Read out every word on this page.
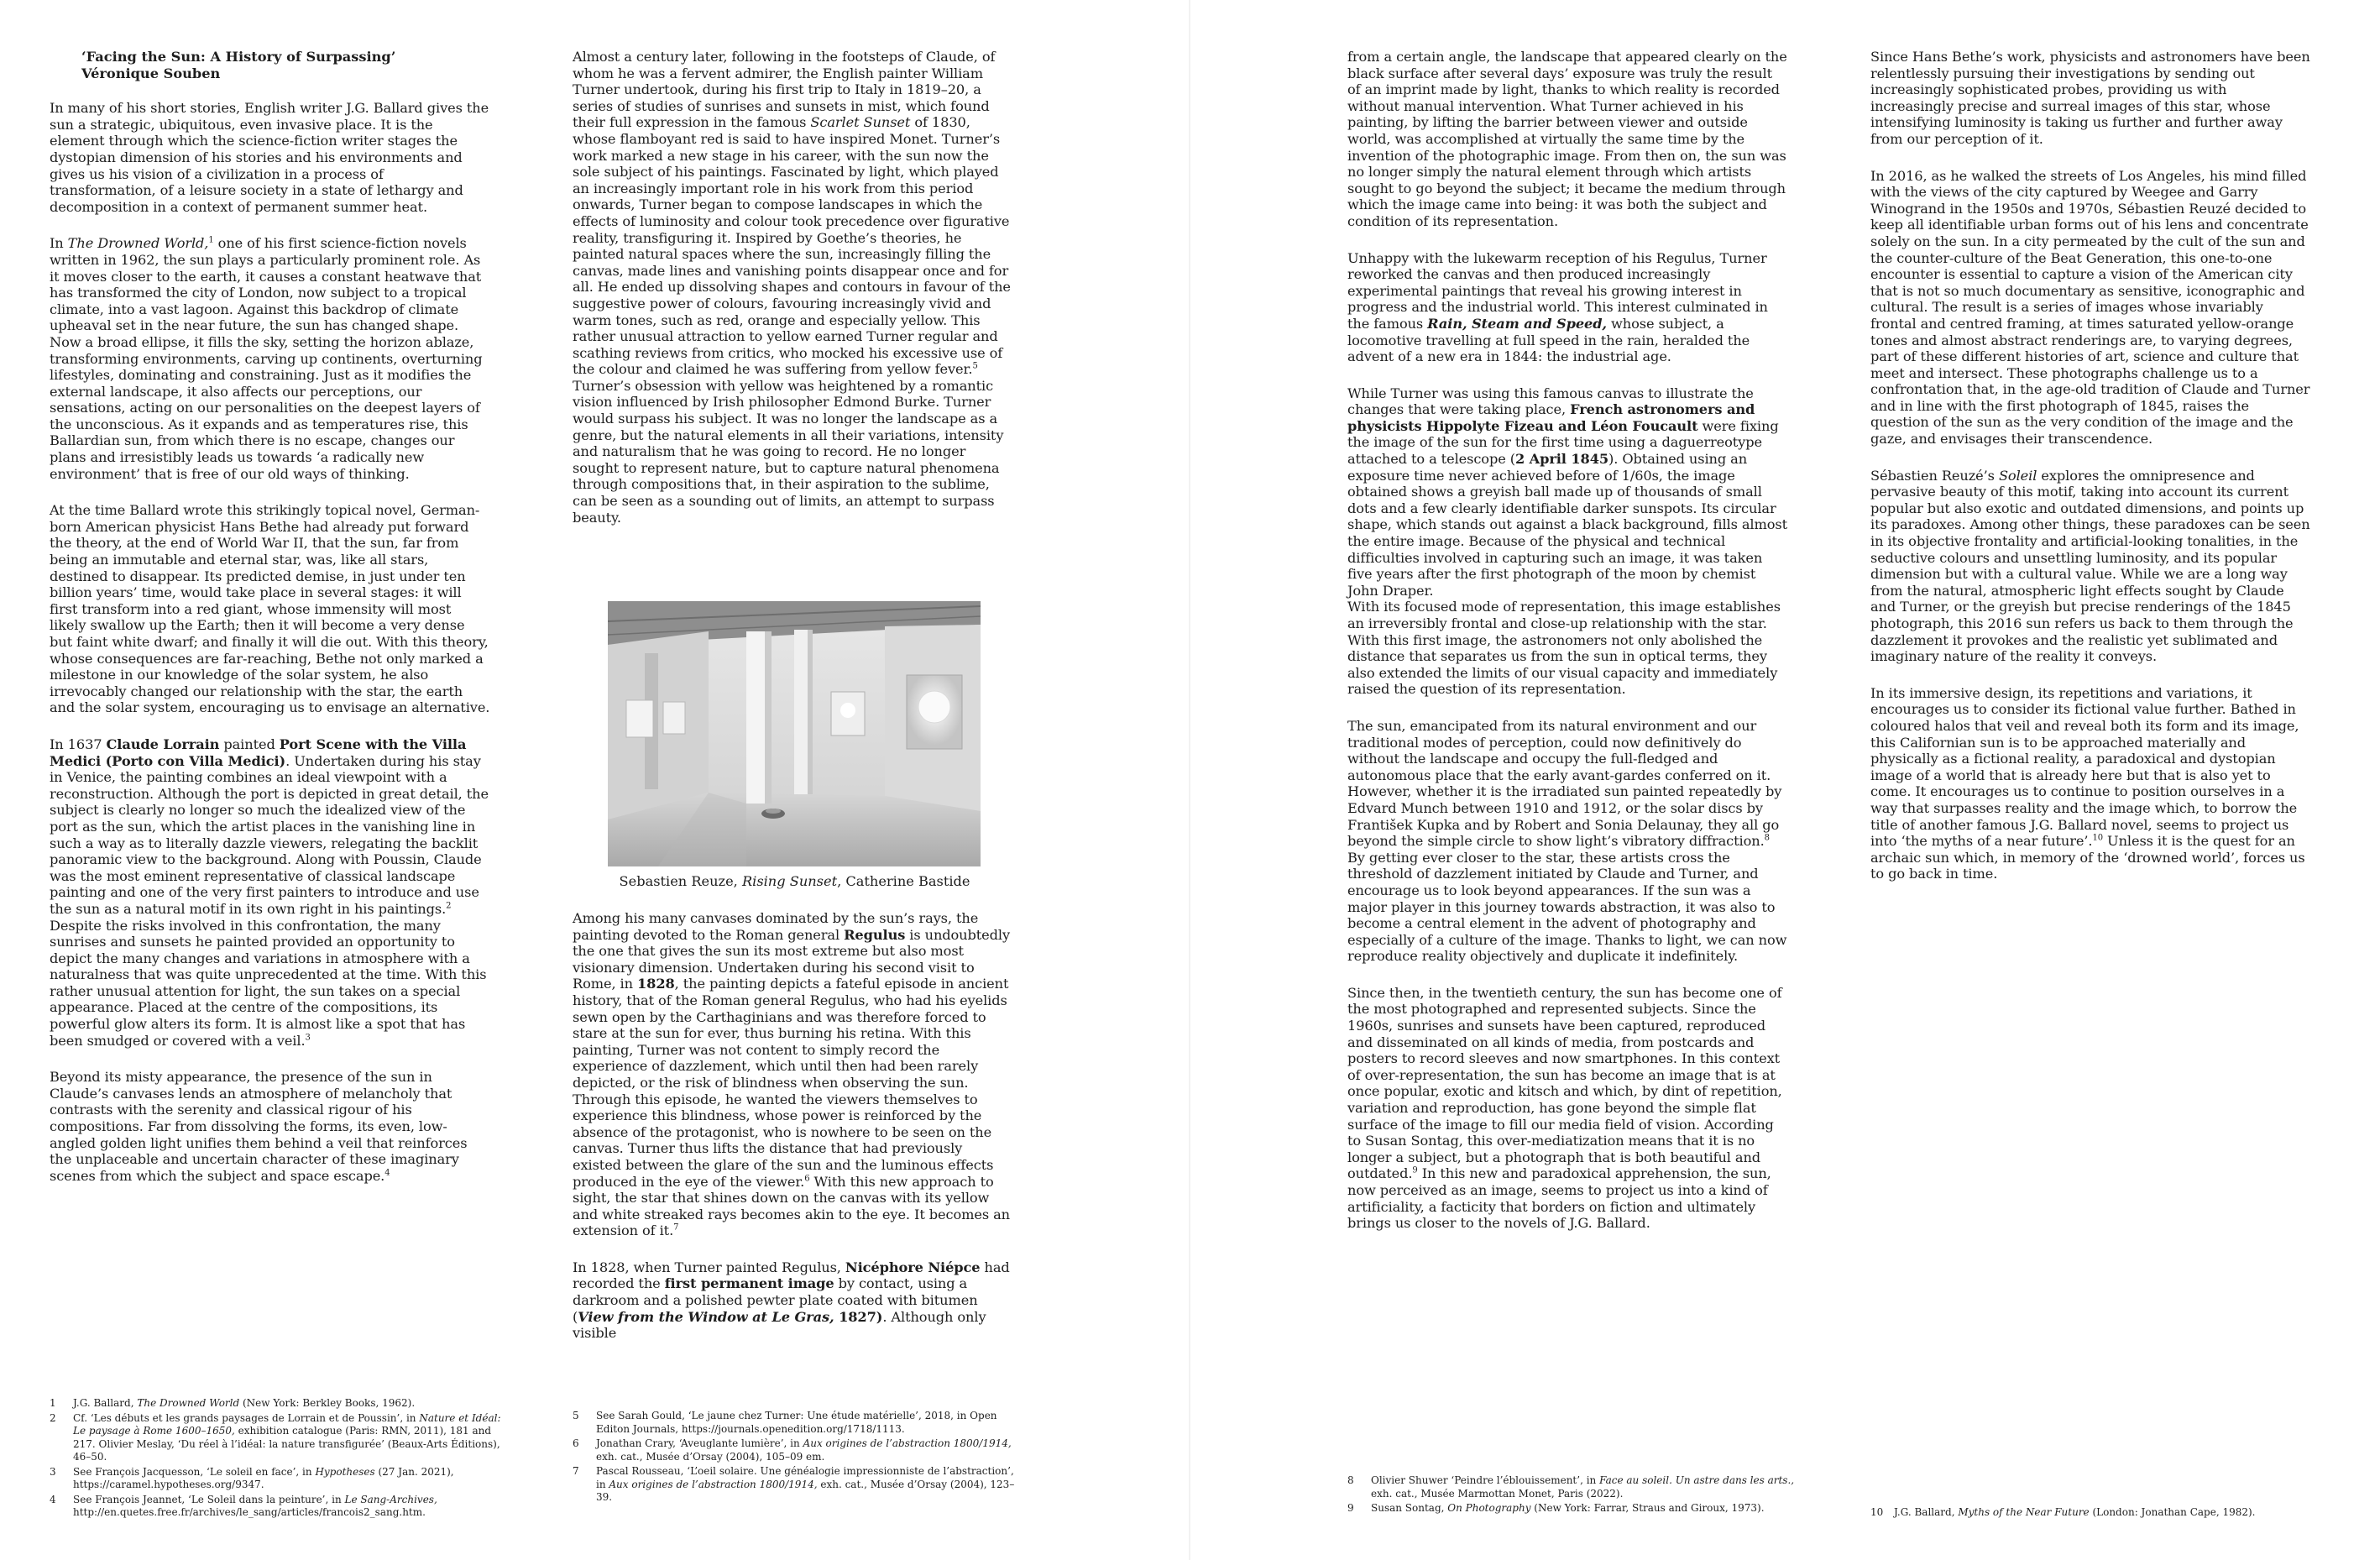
‘Facing the Sun: A History of Surpassing’
Véronique Souben

In many of his short stories, English writer J.G. Ballard gives the sun a strategic, ubiquitous, even invasive place. It is the element through which the science-fiction writer stages the dystopian dimension of his stories and his environments and gives us his vision of a civilization in a process of transformation, of a leisure society in a state of lethargy and decomposition in a context of permanent summer heat.

In The Drowned World,$^1$ one of his first science-fiction novels written in 1962, the sun plays a particularly prominent role. As it moves closer to the earth, it causes a constant heatwave that has transformed the city of London, now subject to a tropical climate, into a vast lagoon. Against this backdrop of climate upheaval set in the near future, the sun has changed shape. Now a broad ellipse, it fills the sky, setting the horizon ablaze, transforming environments, carving up continents, overturning lifestyles, dominating and constraining. Just as it modifies the external landscape, it also affects our perceptions, our sensations, acting on our personalities on the deepest layers of the unconscious. As it expands and as temperatures rise, this Ballardian sun, from which there is no escape, changes our plans and irresistibly leads us towards ‘a radically new environment’ that is free of our old ways of thinking.

At the time Ballard wrote this strikingly topical novel, German-born American physicist Hans Bethe had already put forward the theory, at the end of World War II, that the sun, far from being an immutable and eternal star, was, like all stars, destined to disappear. Its predicted demise, in just under ten billion years’ time, would take place in several stages: it will first transform into a red giant, whose immensity will most likely swallow up the Earth; then it will become a very dense but faint white dwarf; and finally it will die out. With this theory, whose consequences are far-reaching, Bethe not only marked a milestone in our knowledge of the solar system, he also irrevocably changed our relationship with the star, the earth and the solar system, encouraging us to envisage an alternative.

In 1637 Claude Lorrain painted Port Scene with the Villa Medici (Porto con Villa Medici). Undertaken during his stay in Venice, the painting combines an ideal viewpoint with a reconstruction. Although the port is depicted in great detail, the subject is clearly no longer so much the idealized view of the port as the sun, which the artist places in the vanishing line in such a way as to literally dazzle viewers, relegating the backlit panoramic view to the background. Along with Poussin, Claude was the most eminent representative of classical landscape painting and one of the very first painters to introduce and use the sun as a natural motif in its own right in his paintings.$^2$ Despite the risks involved in this confrontation, the many sunrises and sunsets he painted provided an opportunity to depict the many changes and variations in atmosphere with a naturalness that was quite unprecedented at the time. With this rather unusual attention for light, the sun takes on a special appearance. Placed at the centre of the compositions, its powerful glow alters its form. It is almost like a spot that has been smudged or covered with a veil.$^3$

Beyond its misty appearance, the presence of the sun in Claude’s canvases lends an atmosphere of melancholy that contrasts with the serenity and classical rigour of his compositions. Far from dissolving the forms, its even, low-angled golden light unifies them behind a veil that reinforces the unplaceable and uncertain character of these imaginary scenes from which the subject and space escape.$^4$

Almost a century later, following in the footsteps of Claude, of whom he was a fervent admirer, the English painter William Turner undertook, during his first trip to Italy in 1819–20, a series of studies of sunrises and sunsets in mist, which found their full expression in the famous Scarlet Sunset of 1830, whose flamboyant red is said to have inspired Monet. Turner’s work marked a new stage in his career, with the sun now the sole subject of his paintings. Fascinated by light, which played an increasingly important role in his work from this period onwards, Turner began to compose landscapes in which the effects of luminosity and colour took precedence over figurative reality, transfiguring it. Inspired by Goethe’s theories, he painted natural spaces where the sun, increasingly filling the canvas, made lines and vanishing points disappear once and for all. He ended up dissolving shapes and contours in favour of the suggestive power of colours, favouring increasingly vivid and warm tones, such as red, orange and especially yellow. This rather unusual attraction to yellow earned Turner regular and scathing reviews from critics, who mocked his excessive use of the colour and claimed he was suffering from yellow fever.$^5$ Turner’s obsession with yellow was heightened by a romantic vision influenced by Irish philosopher Edmond Burke. Turner would surpass his subject. It was no longer the landscape as a genre, but the natural elements in all their variations, intensity and naturalism that he was going to record. He no longer sought to represent nature, but to capture natural phenomena through compositions that, in their aspiration to the sublime, can be seen as a sounding out of limits, an attempt to surpass beauty.

Sebastien Reuze, Rising Sunset, Catherine Bastide

Among his many canvases dominated by the sun’s rays, the painting devoted to the Roman general Regulus is undoubtedly the one that gives the sun its most extreme but also most visionary dimension. Undertaken during his second visit to Rome, in 1828, the painting depicts a fateful episode in ancient history, that of the Roman general Regulus, who had his eyelids sewn open by the Carthaginians and was therefore forced to stare at the sun for ever, thus burning his retina. With this painting, Turner was not content to simply record the experience of dazzlement, which until then had been rarely depicted, or the risk of blindness when observing the sun. Through this episode, he wanted the viewers themselves to experience this blindness, whose power is reinforced by the absence of the protagonist, who is nowhere to be seen on the canvas. Turner thus lifts the distance that had previously existed between the glare of the sun and the luminous effects produced in the eye of the viewer.$^6$ With this new approach to sight, the star that shines down on the canvas with its yellow and white streaked rays becomes akin to the eye. It becomes an extension of it.$^7$

In 1828, when Turner painted Regulus, Nicéphore Niépce had recorded the first permanent image by contact, using a darkroom and a polished pewter plate coated with bitumen (View from the Window at Le Gras, 1827). Although only visible

1 J.G. Ballard, The Drowned World (New York: Berkley Books, 1962).
2 Cf. ‘Les débuts et les grands paysages de Lorrain et de Poussin’, in Nature et Idéal: Le paysage à Rome 1600–1650, exhibition catalogue (Paris: RMN, 2011), 181 and 217. Olivier Meslay, ‘Du réel à l’idéal: la nature transfigurée’ (Beaux-Arts Éditions), 46–50.
3 See François Jacquesson, ‘Le soleil en face’, in Hypotheses (27 Jan. 2021), https://caramel.hypotheses.org/9347.
4 See François Jeannet, ‘Le Soleil dans la peinture’, in Le Sang-Archives, http://en.quetes.free.fr/archives/le_sang/articles/francois2_sang.htm.
5 See Sarah Gould, ‘Le jaune chez Turner: Une étude matérielle’, 2018, in Open Editon Journals, https://journals.openedition.org/1718/1113.
6 Jonathan Crary, ‘Aveuglante lumière’, in Aux origines de l’abstraction 1800/1914, exh. cat., Musée d’Orsay (2004), 105–09 em.
7 Pascal Rousseau, ‘L’oeil solaire. Une généalogie impressionniste de l’abstraction’, in Aux origines de l’abstraction 1800/1914, exh. cat., Musée d’Orsay (2004), 123–39.

from a certain angle, the landscape that appeared clearly on the black surface after several days’ exposure was truly the result of an imprint made by light, thanks to which reality is recorded without manual intervention. What Turner achieved in his painting, by lifting the barrier between viewer and outside world, was accomplished at virtually the same time by the invention of the photographic image. From then on, the sun was no longer simply the natural element through which artists sought to go beyond the subject; it became the medium through which the image came into being: it was both the subject and condition of its representation.

Unhappy with the lukewarm reception of his Regulus, Turner reworked the canvas and then produced increasingly experimental paintings that reveal his growing interest in progress and the industrial world. This interest culminated in the famous Rain, Steam and Speed, whose subject, a locomotive travelling at full speed in the rain, heralded the advent of a new era in 1844: the industrial age.

While Turner was using this famous canvas to illustrate the changes that were taking place, French astronomers and physicists Hippolyte Fizeau and Léon Foucault were fixing the image of the sun for the first time using a daguerreotype attached to a telescope (2 April 1845). Obtained using an exposure time never achieved before of 1/60s, the image obtained shows a greyish ball made up of thousands of small dots and a few clearly identifiable darker sunspots. Its circular shape, which stands out against a black background, fills almost the entire image. Because of the physical and technical difficulties involved in capturing such an image, it was taken five years after the first photograph of the moon by chemist John Draper.

With its focused mode of representation, this image establishes an irreversibly frontal and close-up relationship with the star. With this first image, the astronomers not only abolished the distance that separates us from the sun in optical terms, they also extended the limits of our visual capacity and immediately raised the question of its representation.

The sun, emancipated from its natural environment and our traditional modes of perception, could now definitively do without the landscape and occupy the full-fledged and autonomous place that the early avant-gardes conferred on it. However, whether it is the irradiated sun painted repeatedly by Edvard Munch between 1910 and 1912, or the solar discs by František Kupka and by Robert and Sonia Delaunay, they all go beyond the simple circle to show light’s vibratory diffraction.$^8$ By getting ever closer to the star, these artists cross the threshold of dazzlement initiated by Claude and Turner, and encourage us to look beyond appearances. If the sun was a major player in this journey towards abstraction, it was also to become a central element in the advent of photography and especially of a culture of the image. Thanks to light, we can now reproduce reality objectively and duplicate it indefinitely.

Since then, in the twentieth century, the sun has become one of the most photographed and represented subjects. Since the 1960s, sunrises and sunsets have been captured, reproduced and disseminated on all kinds of media, from postcards and posters to record sleeves and now smartphones. In this context of over-representation, the sun has become an image that is at once popular, exotic and kitsch and which, by dint of repetition, variation and reproduction, has gone beyond the simple flat surface of the image to fill our media field of vision. According to Susan Sontag, this over-mediatization means that it is no longer a subject, but a photograph that is both beautiful and outdated.$^9$ In this new and paradoxical apprehension, the sun, now perceived as an image, seems to project us into a kind of artificiality, a facticity that borders on fiction and ultimately brings us closer to the novels of J.G. Ballard.

Since Hans Bethe’s work, physicists and astronomers have been relentlessly pursuing their investigations by sending out increasingly sophisticated probes, providing us with increasingly precise and surreal images of this star, whose intensifying luminosity is taking us further and further away from our perception of it.

In 2016, as he walked the streets of Los Angeles, his mind filled with the views of the city captured by Weegee and Garry Winogrand in the 1950s and 1970s, Sébastien Reuzé decided to keep all identifiable urban forms out of his lens and concentrate solely on the sun. In a city permeated by the cult of the sun and the counter-culture of the Beat Generation, this one-to-one encounter is essential to capture a vision of the American city that is not so much documentary as sensitive, iconographic and cultural. The result is a series of images whose invariably frontal and centred framing, at times saturated yellow-orange tones and almost abstract renderings are, to varying degrees, part of these different histories of art, science and culture that meet and intersect. These photographs challenge us to a confrontation that, in the age-old tradition of Claude and Turner and in line with the first photograph of 1845, raises the question of the sun as the very condition of the image and the gaze, and envisages their transcendence.

Sébastien Reuzé’s Soleil explores the omnipresence and pervasive beauty of this motif, taking into account its current popular but also exotic and outdated dimensions, and points up its paradoxes. Among other things, these paradoxes can be seen in its objective frontality and artificial-looking tonalities, in the seductive colours and unsettling luminosity, and its popular dimension but with a cultural value. While we are a long way from the natural, atmospheric light effects sought by Claude and Turner, or the greyish but precise renderings of the 1845 photograph, this 2016 sun refers us back to them through the dazzlement it provokes and the realistic yet sublimated and imaginary nature of the reality it conveys.

In its immersive design, its repetitions and variations, it encourages us to consider its fictional value further. Bathed in coloured halos that veil and reveal both its form and its image, this Californian sun is to be approached materially and physically as a fictional reality, a paradoxical and dystopian image of a world that is already here but that is also yet to come. It encourages us to continue to position ourselves in a way that surpasses reality and the image which, to borrow the title of another famous J.G. Ballard novel, seems to project us into ‘the myths of a near future’.$^{10}$ Unless it is the quest for an archaic sun which, in memory of the ‘drowned world’, forces us to go back in time.

8 Olivier Shuwer ‘Peindre l’éblouissement’, in Face au soleil. Un astre dans les arts., exh. cat., Musée Marmottan Monet, Paris (2022).
9 Susan Sontag, On Photography (New York: Farrar, Straus and Giroux, 1973).	10 J.G. Ballard, Myths of the Near Future (London: Jonathan Cape, 1982).
